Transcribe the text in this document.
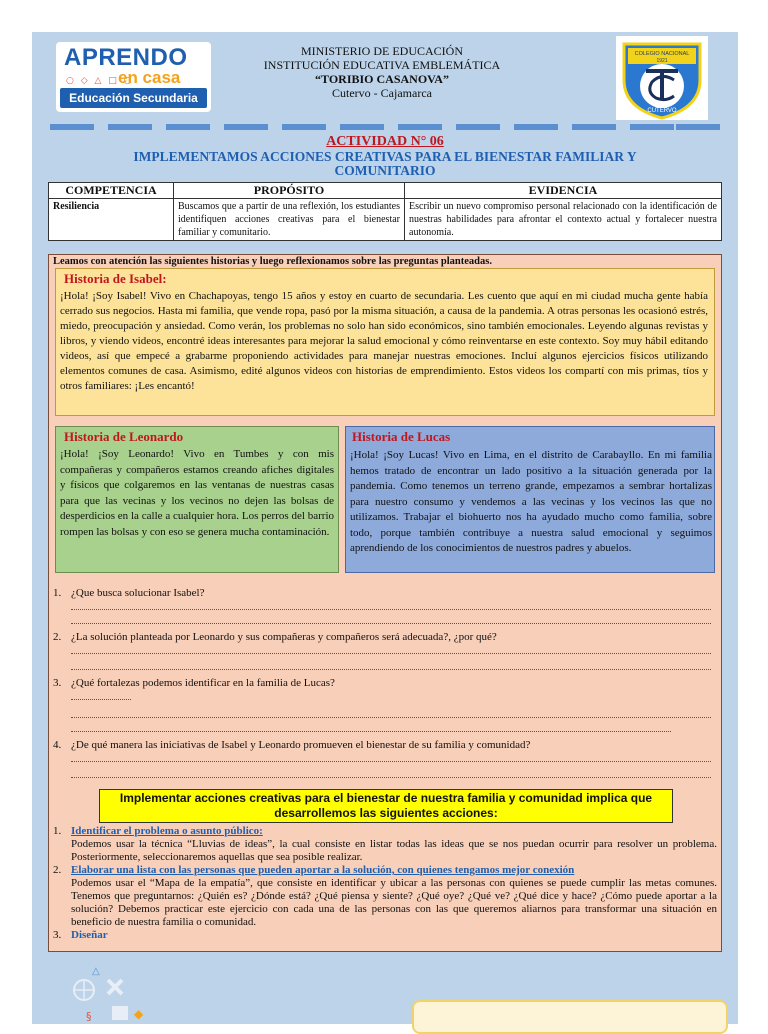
APRENDO
○ ◇ △ □ ○
en casa
Educación Secundaria
MINISTERIO DE EDUCACIÓN
INSTITUCIÓN EDUCATIVA EMBLEMÁTICA
“TORIBIO CASANOVA”
Cutervo - Cajamarca
COLEGIO NACIONAL
1921
CUTERVO
ACTIVIDAD N° 06
IMPLEMENTAMOS ACCIONES CREATIVAS PARA EL BIENESTAR FAMILIAR Y COMUNITARIO
COMPETENCIA	PROPÓSITO	EVIDENCIA
Resiliencia	Buscamos que a partir de una reflexión, los estudiantes identifiquen acciones creativas para el bienestar familiar y comunitario.	Escribir un nuevo compromiso personal relacionado con la identificación de nuestras habilidades para afrontar el contexto actual y fortalecer nuestra autonomía.
Leamos con atención las siguientes historias y luego reflexionamos sobre las preguntas planteadas.
Historia de Isabel:
¡Hola! ¡Soy Isabel! Vivo en Chachapoyas, tengo 15 años y estoy en cuarto de secundaria. Les cuento que aquí en mi ciudad mucha gente había cerrado sus negocios. Hasta mi familia, que vende ropa, pasó por la misma situación, a causa de la pandemia. A otras personas les ocasionó estrés, miedo, preocupación y ansiedad. Como verán, los problemas no solo han sido económicos, sino también emocionales. Leyendo algunas revistas y libros, y viendo videos, encontré ideas interesantes para mejorar la salud emocional y cómo reinventarse en este contexto. Soy muy hábil editando videos, así que empecé a grabarme proponiendo actividades para manejar nuestras emociones. Incluí algunos ejercicios físicos utilizando elementos comunes de casa. Asimismo, edité algunos videos con historias de emprendimiento. Estos videos los compartí con mis primas, tíos y otros familiares: ¡Les encantó!
Historia de Leonardo
¡Hola! ¡Soy Leonardo! Vivo en Tumbes y con mis compañeras y compañeros estamos creando afiches digitales y físicos que colgaremos en las ventanas de nuestras casas para que las vecinas y los vecinos no dejen las bolsas de desperdicios en la calle a cualquier hora. Los perros del barrio rompen las bolsas y con eso se genera mucha contaminación.
Historia de Lucas
¡Hola! ¡Soy Lucas! Vivo en Lima, en el distrito de Carabayllo. En mi familia hemos tratado de encontrar un lado positivo a la situación generada por la pandemia. Como tenemos un terreno grande, empezamos a sembrar hortalizas para nuestro consumo y vendemos a las vecinas y los vecinos las que no utilizamos. Trabajar el biohuerto nos ha ayudado mucho como familia, sobre todo, porque también contribuye a nuestra salud emocional y seguimos aprendiendo de los conocimientos de nuestros padres y abuelos.
1. ¿Que busca solucionar Isabel?
2. ¿La solución planteada por Leonardo y sus compañeras y compañeros será adecuada?, ¿por qué?
3. ¿Qué fortalezas podemos identificar en la familia de Lucas?
4. ¿De qué manera las iniciativas de Isabel y Leonardo promueven el bienestar de su familia y comunidad?
Implementar acciones creativas para el bienestar de nuestra familia y comunidad implica que desarrollemos las siguientes acciones:
1. Identificar el problema o asunto público:
Podemos usar la técnica “Lluvias de ideas”, la cual consiste en listar todas las ideas que se nos puedan ocurrir para resolver un problema. Posteriormente, seleccionaremos aquellas que sea posible realizar.
2. Elaborar una lista con las personas que pueden aportar a la solución, con quienes tengamos mejor conexión
Podemos usar el “Mapa de la empatía”, que consiste en identificar y ubicar a las personas con quienes se puede cumplir las metas comunes. Tenemos que preguntarnos: ¿Quién es? ¿Dónde está? ¿Qué piensa y siente? ¿Qué oye? ¿Qué ve? ¿Qué dice y hace? ¿Cómo puede aportar a la solución? Debemos practicar este ejercicio con cada una de las personas con las que queremos aliarnos para transformar una situación en beneficio de nuestra familia o comunidad.
3. Diseñar
△
§	◆
